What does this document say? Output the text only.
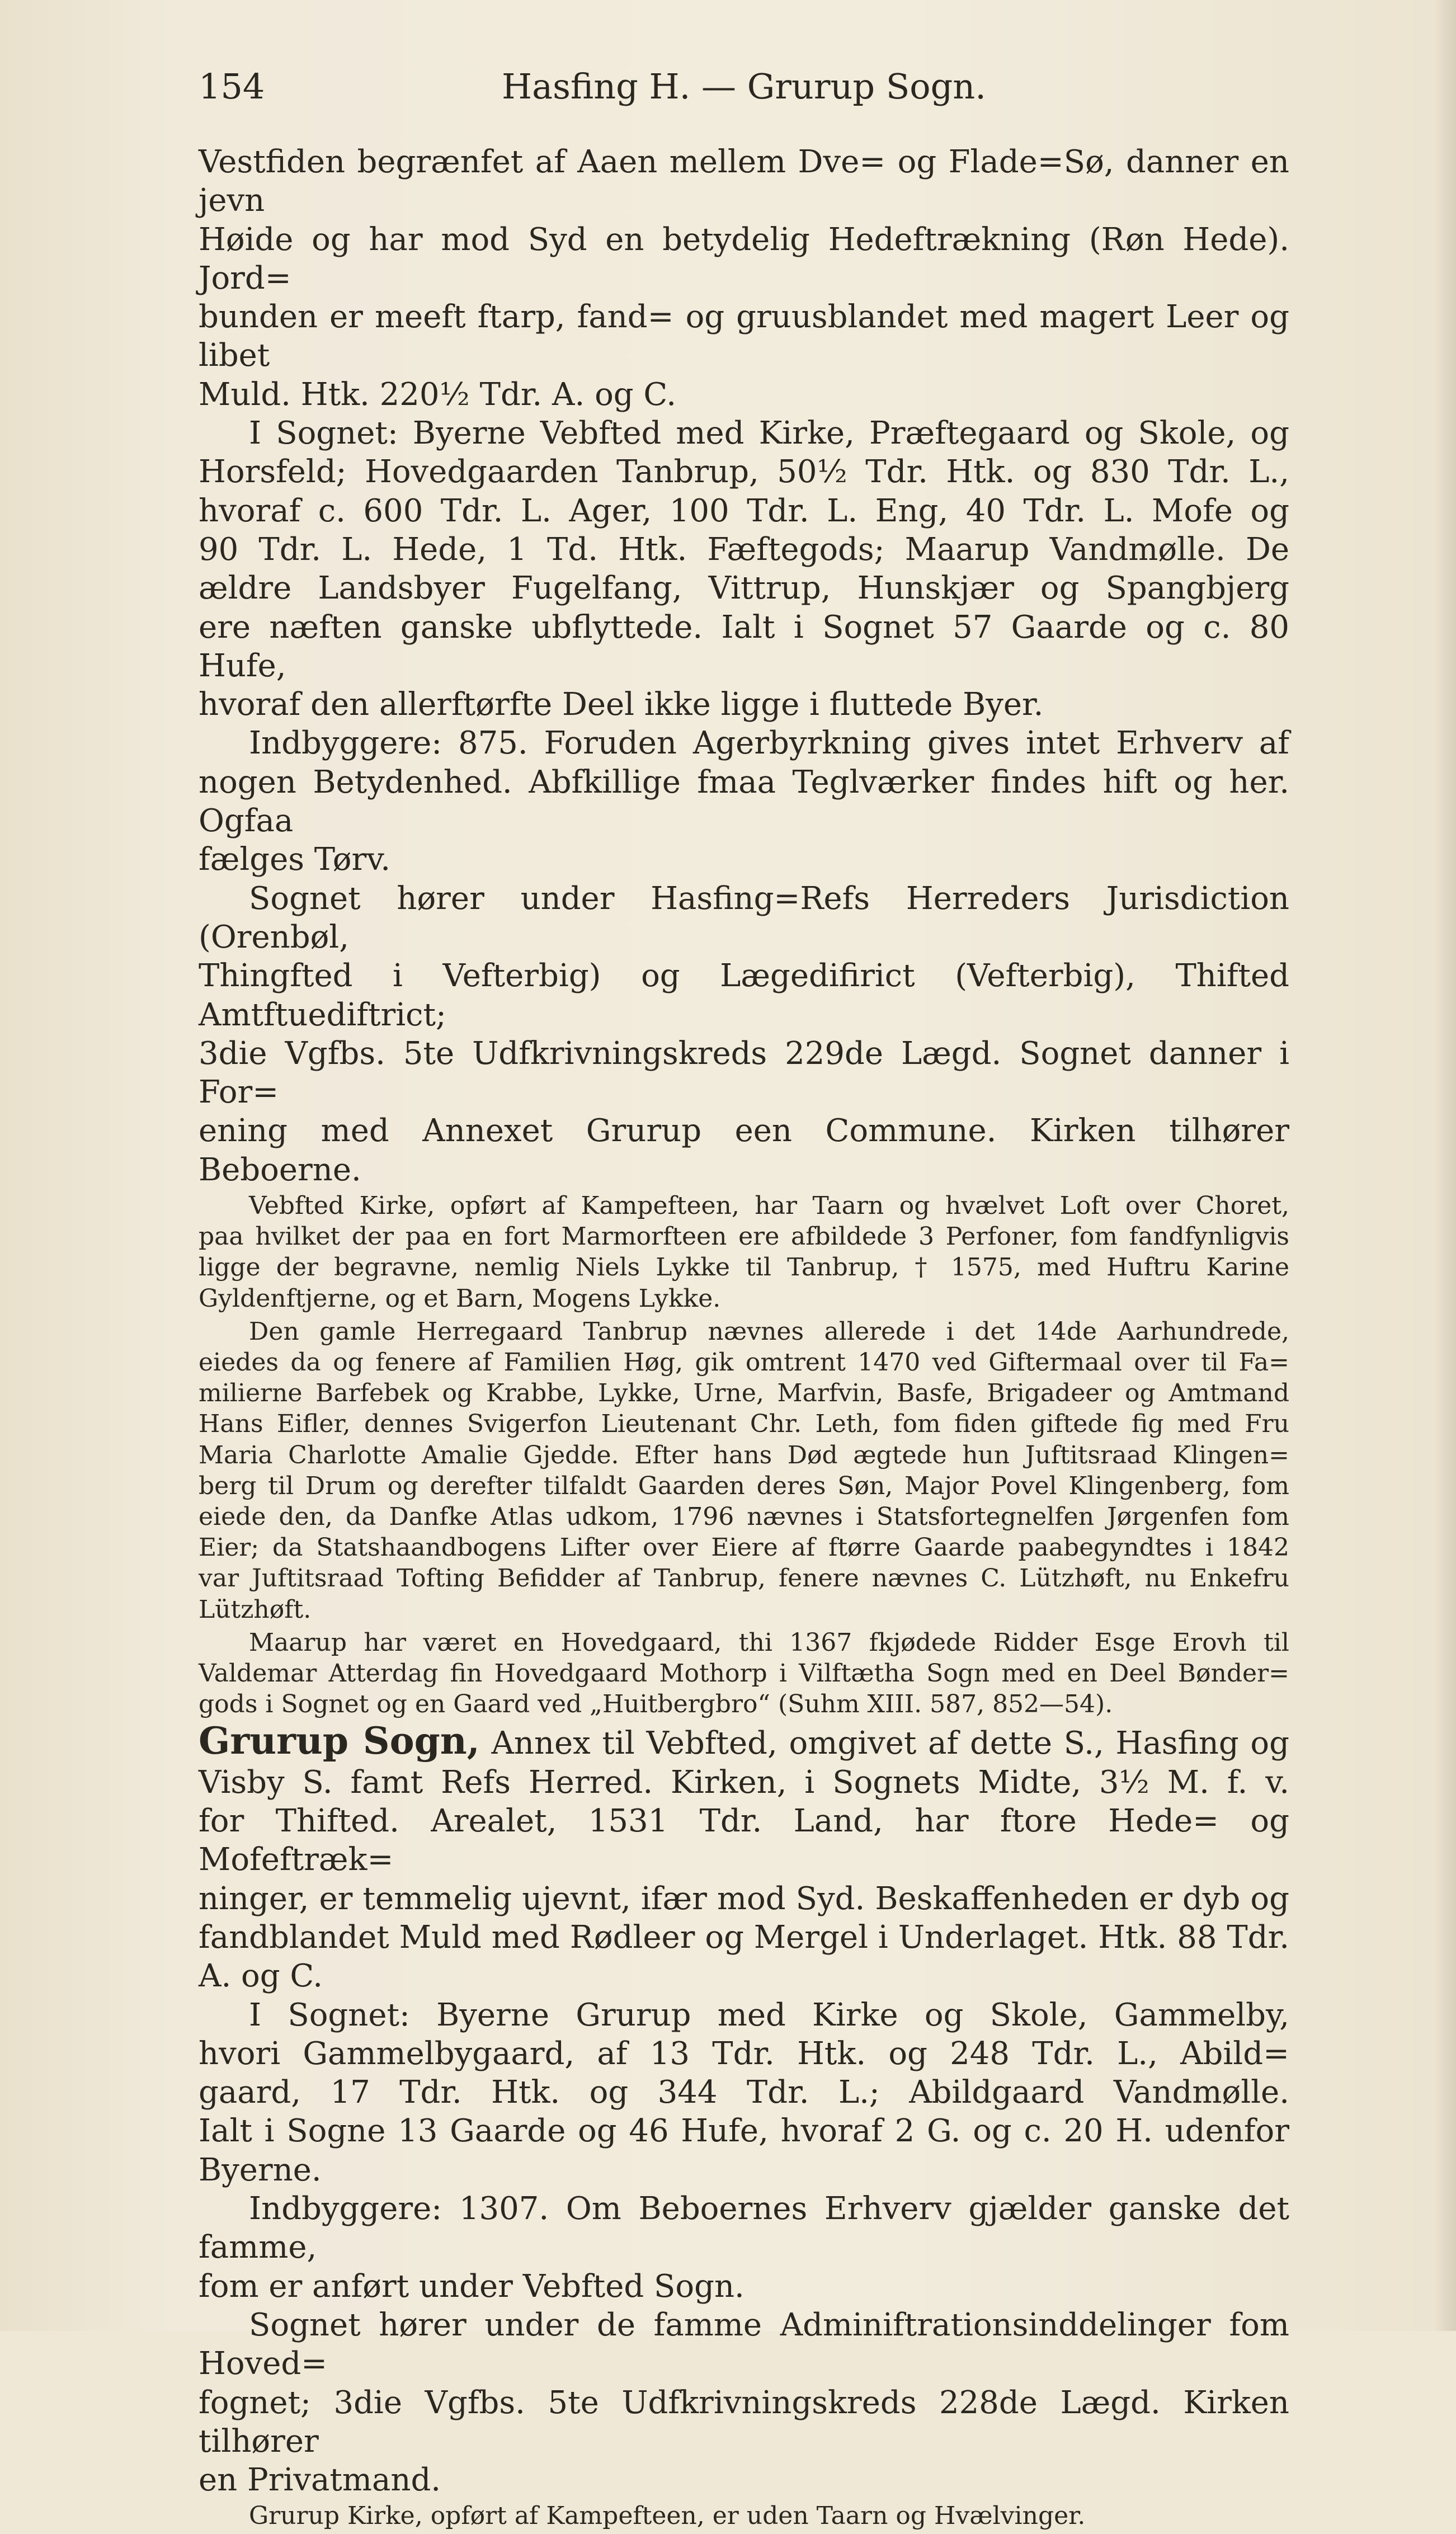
154	Hasfing H. — Grurup Sogn.

Vestfiden begrænfet af Aaen mellem Dve= og Flade=Sø, danner en jevn

Høide og har mod Syd en betydelig Hedeftrækning (Røn Hede). Jord=

bunden er meeft ftarp, fand= og gruusblandet med magert Leer og libet

Muld. Htk. 220½ Tdr. A. og C.

I Sognet: Byerne Vebfted med Kirke, Præftegaard og Skole, og

Horsfeld; Hovedgaarden Tanbrup, 50½ Tdr. Htk. og 830 Tdr. L.,

hvoraf c. 600 Tdr. L. Ager, 100 Tdr. L. Eng, 40 Tdr. L. Mofe og

90 Tdr. L. Hede, 1 Td. Htk. Fæftegods; Maarup Vandmølle. De

ældre Landsbyer Fugelfang, Vittrup, Hunskjær og Spangbjerg

ere næften ganske ubflyttede. Ialt i Sognet 57 Gaarde og c. 80 Hufe,

hvoraf den allerftørfte Deel ikke ligge i fluttede Byer.

Indbyggere: 875. Foruden Agerbyrkning gives intet Erhverv af

nogen Betydenhed. Abfkillige fmaa Teglværker findes hift og her. Ogfaa

fælges Tørv.

Sognet hører under Hasfing=Refs Herreders Jurisdiction (Orenbøl,

Thingfted i Vefterbig) og Lægedifirict (Vefterbig), Thifted Amtftuediftrict;

3die Vgfbs. 5te Udfkrivningskreds 229de Lægd. Sognet danner i For=

ening med Annexet Grurup een Commune. Kirken tilhører Beboerne.

Vebfted Kirke, opført af Kampefteen, har Taarn og hvælvet Loft over Choret,

paa hvilket der paa en fort Marmorfteen ere afbildede 3 Perfoner, fom fandfynligvis

ligge der begravne, nemlig Niels Lykke til Tanbrup, † 1575, med Huftru Karine

Gyldenftjerne, og et Barn, Mogens Lykke.

Den gamle Herregaard Tanbrup nævnes allerede i det 14de Aarhundrede,

eiedes da og fenere af Familien Høg, gik omtrent 1470 ved Giftermaal over til Fa=

milierne Barfebek og Krabbe, Lykke, Urne, Marfvin, Basfe, Brigadeer og Amtmand

Hans Eifler, dennes Svigerfon Lieutenant Chr. Leth, fom fiden giftede fig med Fru

Maria Charlotte Amalie Gjedde. Efter hans Død ægtede hun Juftitsraad Klingen=

berg til Drum og derefter tilfaldt Gaarden deres Søn, Major Povel Klingenberg, fom

eiede den, da Danfke Atlas udkom, 1796 nævnes i Statsfortegnelfen Jørgenfen fom

Eier; da Statshaandbogens Lifter over Eiere af ftørre Gaarde paabegyndtes i 1842

var Juftitsraad Tofting Befidder af Tanbrup, fenere nævnes C. Lützhøft, nu Enkefru

Lützhøft.

Maarup har været en Hovedgaard, thi 1367 fkjødede Ridder Esge Erovh til

Valdemar Atterdag fin Hovedgaard Mothorp i Vilftætha Sogn med en Deel Bønder=

gods i Sognet og en Gaard ved „Huitbergbro“ (Suhm XIII. 587, 852—54).

Grurup Sogn, Annex til Vebfted, omgivet af dette S., Hasfing og

Visby S. famt Refs Herred. Kirken, i Sognets Midte, 3½ M. f. v.

for Thifted. Arealet, 1531 Tdr. Land, har ftore Hede= og Mofeftræk=

ninger, er temmelig ujevnt, ifær mod Syd. Beskaffenheden er dyb og

fandblandet Muld med Rødleer og Mergel i Underlaget. Htk. 88 Tdr.

A. og C.

I Sognet: Byerne Grurup med Kirke og Skole, Gammelby,

hvori Gammelbygaard, af 13 Tdr. Htk. og 248 Tdr. L., Abild=

gaard, 17 Tdr. Htk. og 344 Tdr. L.; Abildgaard Vandmølle.

Ialt i Sogne 13 Gaarde og 46 Hufe, hvoraf 2 G. og c. 20 H. udenfor

Byerne.

Indbyggere: 1307. Om Beboernes Erhverv gjælder ganske det famme,

fom er anført under Vebfted Sogn.

Sognet hører under de famme Adminiftrationsinddelinger fom Hoved=

fognet; 3die Vgfbs. 5te Udfkrivningskreds 228de Lægd. Kirken tilhører

en Privatmand.

Grurup Kirke, opført af Kampefteen, er uden Taarn og Hvælvinger.
